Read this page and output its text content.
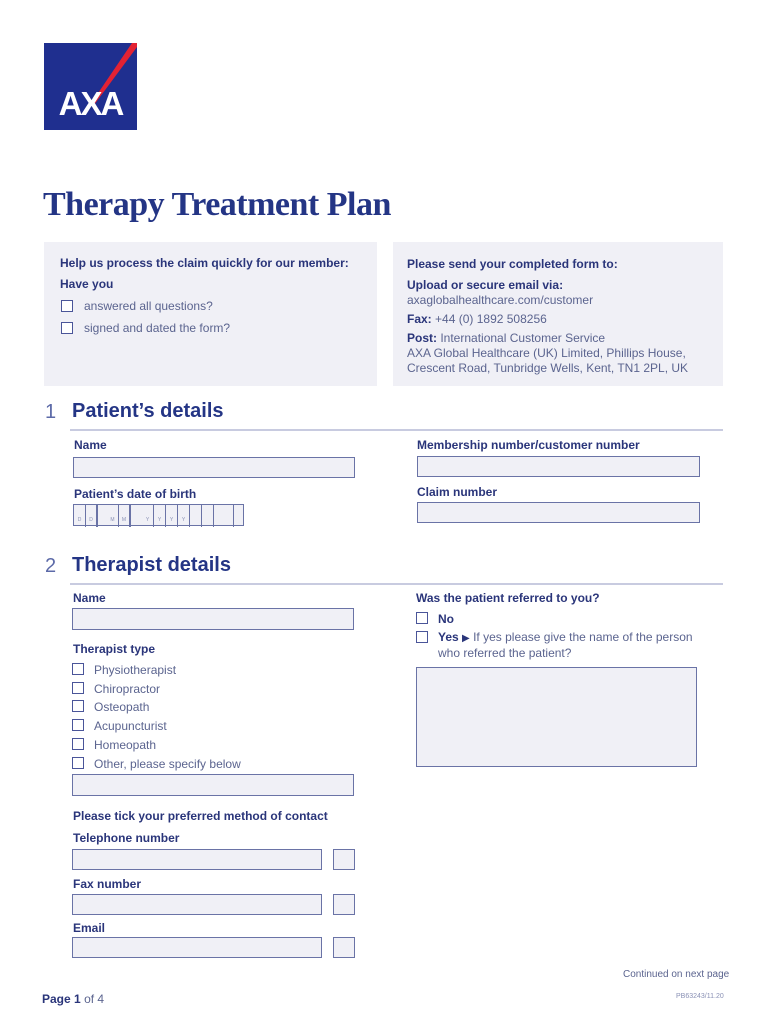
AXA
Therapy Treatment Plan
Help us process the claim quickly for our member:
Have you
answered all questions?
signed and dated the form?
Please send your completed form to:
Upload or secure email via:
axaglobalhealthcare.com/customer
Fax: +44 (0) 1892 508256
Post: International Customer Service
AXA Global Healthcare (UK) Limited, Phillips House,
Crescent Road, Tunbridge Wells, Kent, TN1 2PL, UK
1 Patient’s details
Name	Membership number/customer number
Patient’s date of birth
D	D	M	M	Y	Y	Y	Y
Claim number
2 Therapist details
Name
Therapist type
Physiotherapist
Chiropractor
Osteopath
Acupuncturist
Homeopath
Other, please specify below
Please tick your preferred method of contact
Telephone number
Fax number
Email
Was the patient referred to you?
No
Yes ▶ If yes please give the name of the person
who referred the patient?
Continued on next page
Page 1 of 4	PB63243/11.20
